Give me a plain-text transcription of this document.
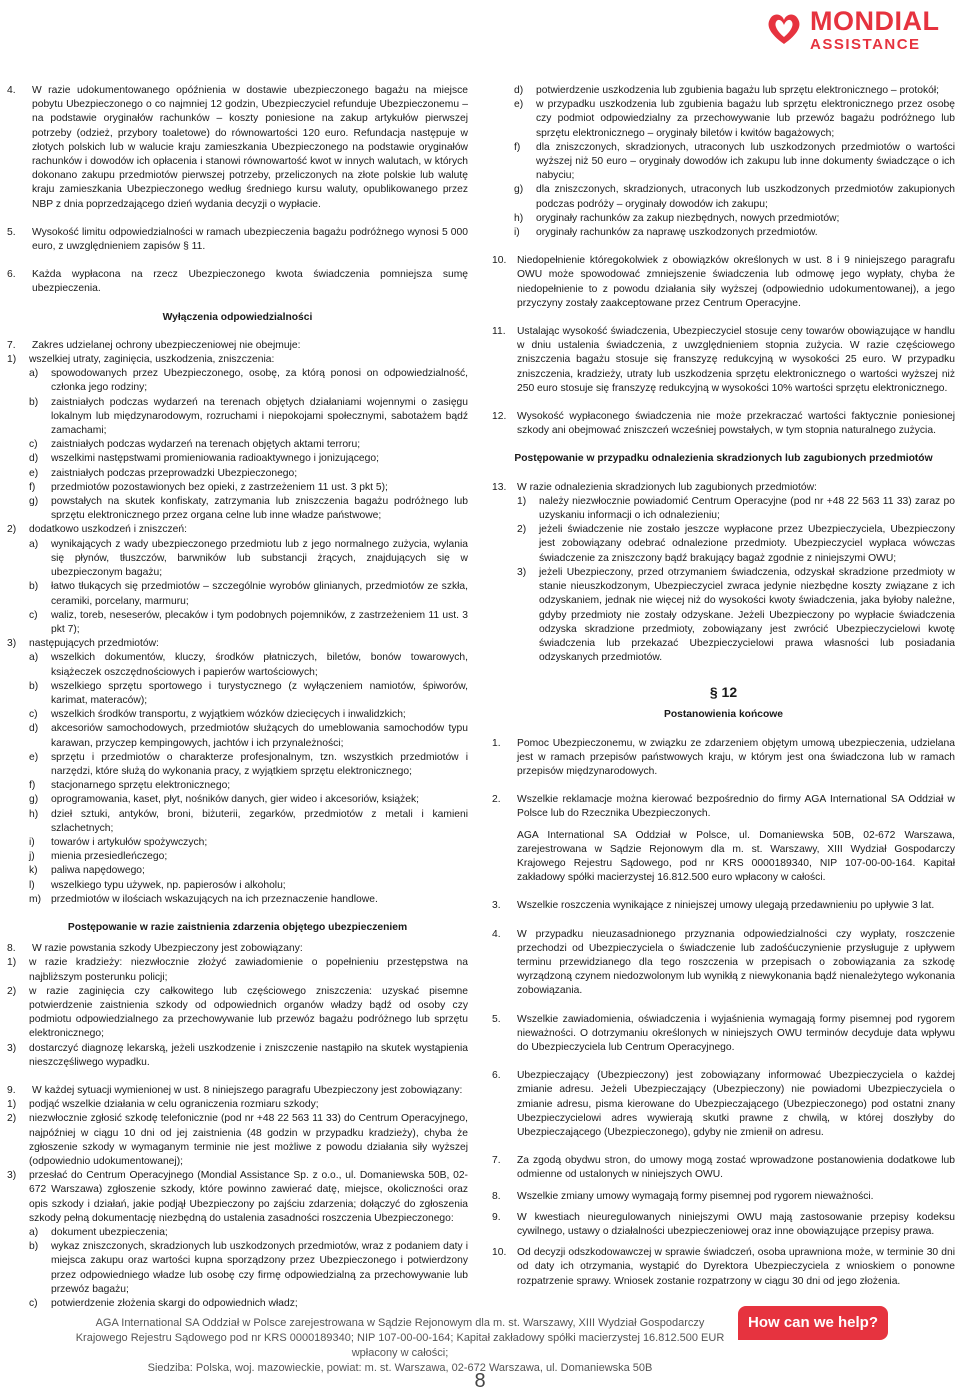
MONDIAL
ASSISTANCE
4. W razie udokumentowanego opóźnienia w dostawie ubezpieczonego bagażu na miejsce pobytu Ubezpieczonego o co najmniej 12 godzin, Ubezpieczyciel refunduje Ubezpieczonemu – na podstawie oryginałów rachunków – koszty poniesione na zakup artykułów pierwszej potrzeby (odzież, przybory toaletowe) do równowartości 120 euro. Refundacja następuje w złotych polskich lub w walucie kraju zamieszkania Ubezpieczonego na podstawie oryginałów rachunków i dowodów ich opłacenia i stanowi równowartość kwot w innych walutach, w których dokonano zakupu przedmiotów pierwszej potrzeby, przeliczonych na złote polskie lub walutę kraju zamieszkania Ubezpieczonego według średniego kursu waluty, opublikowanego przez NBP z dnia poprzedzającego dzień wydania decyzji o wypłacie.
5. Wysokość limitu odpowiedzialności w ramach ubezpieczenia bagażu podróżnego wynosi 5 000 euro, z uwzględnieniem zapisów § 11.
6. Każda wypłacona na rzecz Ubezpieczonego kwota świadczenia pomniejsza sumę ubezpieczenia.
Wyłączenia odpowiedzialności
7. Zakres udzielanej ochrony ubezpieczeniowej nie obejmuje:
1) wszelkiej utraty, zaginięcia, uszkodzenia, zniszczenia:
a) spowodowanych przez Ubezpieczonego, osobę, za którą ponosi on odpowiedzialność, członka jego rodziny;
b) zaistniałych podczas wydarzeń na terenach objętych działaniami wojennymi o zasięgu lokalnym lub międzynarodowym, rozruchami i niepokojami społecznymi, sabotażem bądź zamachami;
c) zaistniałych podczas wydarzeń na terenach objętych aktami terroru;
d) wszelkimi następstwami promieniowania radioaktywnego i jonizującego;
e) zaistniałych podczas przeprowadzki Ubezpieczonego;
f) przedmiotów pozostawionych bez opieki, z zastrzeżeniem 11 ust. 3 pkt 5);
g) powstałych na skutek konfiskaty, zatrzymania lub zniszczenia bagażu podróżnego lub sprzętu elektronicznego przez organa celne lub inne władze państwowe;
2) dodatkowo uszkodzeń i zniszczeń:
a) wynikających z wady ubezpieczonego przedmiotu lub z jego normalnego zużycia, wylania się płynów, tłuszczów, barwników lub substancji żrących, znajdujących się w ubezpieczonym bagażu;
b) łatwo tłukących się przedmiotów – szczególnie wyrobów glinianych, przedmiotów ze szkła, ceramiki, porcelany, marmuru;
c) waliz, toreb, neseserów, plecaków i tym podobnych pojemników, z zastrzeżeniem 11 ust. 3 pkt 7);
3) następujących przedmiotów:
a) wszelkich dokumentów, kluczy, środków płatniczych, biletów, bonów towarowych, książeczek oszczędnościowych i papierów wartościowych;
b) wszelkiego sprzętu sportowego i turystycznego (z wyłączeniem namiotów, śpiworów, karimat, materaców);
c) wszelkich środków transportu, z wyjątkiem wózków dziecięcych i inwalidzkich;
d) akcesoriów samochodowych, przedmiotów służących do umeblowania samochodów typu karawan, przyczep kempingowych, jachtów i ich przynależności;
e) sprzętu i przedmiotów o charakterze profesjonalnym, tzn. wszystkich przedmiotów i narzędzi, które służą do wykonania pracy, z wyjątkiem sprzętu elektronicznego;
f) stacjonarnego sprzętu elektronicznego;
g) oprogramowania, kaset, płyt, nośników danych, gier wideo i akcesoriów, książek;
h) dzieł sztuki, antyków, broni, biżuterii, zegarków, przedmiotów z metali i kamieni szlachetnych;
i) towarów i artykułów spożywczych;
j) mienia przesiedleńczego;
k) paliwa napędowego;
l) wszelkiego typu używek, np. papierosów i alkoholu;
m) przedmiotów w ilościach wskazujących na ich przeznaczenie handlowe.
Postępowanie w razie zaistnienia zdarzenia objętego ubezpieczeniem
8. W razie powstania szkody Ubezpieczony jest zobowiązany:
1) w razie kradzieży: niezwłocznie złożyć zawiadomienie o popełnieniu przestępstwa na najbliższym posterunku policji;
2) w razie zaginięcia czy całkowitego lub częściowego zniszczenia: uzyskać pisemne potwierdzenie zaistnienia szkody od odpowiednich organów władzy bądź od osoby czy podmiotu odpowiedzialnego za przechowywanie lub przewóz bagażu podróżnego lub sprzętu elektronicznego;
3) dostarczyć diagnozę lekarską, jeżeli uszkodzenie i zniszczenie nastąpiło na skutek wystąpienia nieszczęśliwego wypadku.
9. W każdej sytuacji wymienionej w ust. 8 niniejszego paragrafu Ubezpieczony jest zobowiązany:
1) podjąć wszelkie działania w celu ograniczenia rozmiaru szkody;
2) niezwłocznie zgłosić szkodę telefonicznie (pod nr +48 22 563 11 33) do Centrum Operacyjnego, najpóźniej w ciągu 10 dni od jej zaistnienia (48 godzin w przypadku kradzieży), chyba że zgłoszenie szkody w wymaganym terminie nie jest możliwe z powodu działania siły wyższej (odpowiednio udokumentowanej);
3) przesłać do Centrum Operacyjnego (Mondial Assistance Sp. z o.o., ul. Domaniewska 50B, 02-672 Warszawa) zgłoszenie szkody, które powinno zawierać datę, miejsce, okoliczności oraz opis szkody i działań, jakie podjął Ubezpieczony po zajściu zdarzenia; dołączyć do zgłoszenia szkody pełną dokumentację niezbędną do ustalenia zasadności roszczenia Ubezpieczonego:
a) dokument ubezpieczenia;
b) wykaz zniszczonych, skradzionych lub uszkodzonych przedmiotów, wraz z podaniem daty i miejsca zakupu oraz wartości kupna sporządzony przez Ubezpieczonego i potwierdzony przez odpowiedniego władze lub osobę czy firmę odpowiedzialną za przechowywanie lub przewóz bagażu;
c) potwierdzenie złożenia skargi do odpowiednich władz;
d) potwierdzenie uszkodzenia lub zgubienia bagażu lub sprzętu elektronicznego – protokół;
e) w przypadku uszkodzenia lub zgubienia bagażu lub sprzętu elektronicznego przez osobę czy podmiot odpowiedzialny za przechowywanie lub przewóz bagażu podróżnego lub sprzętu elektronicznego – oryginały biletów i kwitów bagażowych;
f) dla zniszczonych, skradzionych, utraconych lub uszkodzonych przedmiotów o wartości wyższej niż 50 euro – oryginały dowodów ich zakupu lub inne dokumenty świadczące o ich nabyciu;
g) dla zniszczonych, skradzionych, utraconych lub uszkodzonych przedmiotów zakupionych podczas podróży – oryginały dowodów ich zakupu;
h) oryginały rachunków za zakup niezbędnych, nowych przedmiotów;
i) oryginały rachunków za naprawę uszkodzonych przedmiotów.
10. Niedopełnienie któregokolwiek z obowiązków określonych w ust. 8 i 9 niniejszego paragrafu OWU może spowodować zmniejszenie świadczenia lub odmowę jego wypłaty, chyba że niedopełnienie to z powodu działania siły wyższej (odpowiednio udokumentowanej), a jego przyczyny zostały zaakceptowane przez Centrum Operacyjne.
11. Ustalając wysokość świadczenia, Ubezpieczyciel stosuje ceny towarów obowiązujące w handlu w dniu ustalenia świadczenia, z uwzględnieniem stopnia zużycia. W razie częściowego zniszczenia bagażu stosuje się franszyzę redukcyjną w wysokości 25 euro. W przypadku zniszczenia, kradzieży, utraty lub uszkodzenia sprzętu elektronicznego o wartości wyższej niż 250 euro stosuje się franszyzę redukcyjną w wysokości 10% wartości sprzętu elektronicznego.
12. Wysokość wypłaconego świadczenia nie może przekraczać wartości faktycznie poniesionej szkody ani obejmować zniszczeń wcześniej powstałych, w tym stopnia naturalnego zużycia.
Postępowanie w przypadku odnalezienia skradzionych lub zagubionych przedmiotów
13. W razie odnalezienia skradzionych lub zagubionych przedmiotów:
1) należy niezwłocznie powiadomić Centrum Operacyjne (pod nr +48 22 563 11 33) zaraz po uzyskaniu informacji o ich odnalezieniu;
2) jeżeli świadczenie nie zostało jeszcze wypłacone przez Ubezpieczyciela, Ubezpieczony jest zobowiązany odebrać odnalezione przedmioty. Ubezpieczyciel wypłaca wówczas świadczenie za zniszczony bądź brakujący bagaż zgodnie z niniejszymi OWU;
3) jeżeli Ubezpieczony, przed otrzymaniem świadczenia, odzyskał skradzione przedmioty w stanie nieuszkodzonym, Ubezpieczyciel zwraca jedynie niezbędne koszty związane z ich odzyskaniem, jednak nie więcej niż do wysokości kwoty świadczenia, jaka byłoby należne, gdyby przedmioty nie zostały odzyskane. Jeżeli Ubezpieczony po wypłacie świadczenia odzyska skradzione przedmioty, zobowiązany jest zwrócić Ubezpieczycielowi kwotę świadczenia lub przekazać Ubezpieczycielowi prawa własności lub posiadania odzyskanych przedmiotów.
§ 12
Postanowienia końcowe
1. Pomoc Ubezpieczonemu, w związku ze zdarzeniem objętym umową ubezpieczenia, udzielana jest w ramach przepisów państwowych kraju, w którym jest ona świadczona lub w ramach przepisów międzynarodowych.
2. Wszelkie reklamacje można kierować bezpośrednio do firmy AGA International SA Oddział w Polsce lub do Rzecznika Ubezpieczonych.
AGA International SA Oddział w Polsce, ul. Domaniewska 50B, 02-672 Warszawa, zarejestrowana w Sądzie Rejonowym dla m. st. Warszawy, XIII Wydział Gospodarczy Krajowego Rejestru Sądowego, pod nr KRS 0000189340, NIP 107-00-00-164. Kapitał zakładowy spółki macierzystej 16.812.500 euro wpłacony w całości.
3. Wszelkie roszczenia wynikające z niniejszej umowy ulegają przedawnieniu po upływie 3 lat.
4. W przypadku nieuzasadnionego przyznania odpowiedzialności czy wypłaty, roszczenie przechodzi od Ubezpieczyciela o świadczenie lub zadośćuczynienie przysługuje z upływem terminu przewidzianego dla tego roszczenia w przepisach o zobowiązania za szkodę wyrządzoną czynem niedozwolonym lub wynikłą z niewykonania bądź nienależytego wykonania zobowiązania.
5. Wszelkie zawiadomienia, oświadczenia i wyjaśnienia wymagają formy pisemnej pod rygorem nieważności. O dotrzymaniu określonych w niniejszych OWU terminów decyduje data wpływu do Ubezpieczyciela lub Centrum Operacyjnego.
6. Ubezpieczający (Ubezpieczony) jest zobowiązany informować Ubezpieczyciela o każdej zmianie adresu. Jeżeli Ubezpieczający (Ubezpieczony) nie powiadomi Ubezpieczyciela o zmianie adresu, pisma kierowane do Ubezpieczającego (Ubezpieczonego) pod ostatni znany Ubezpieczycielowi adres wywierają skutki prawne z chwilą, w której doszłyby do Ubezpieczającego (Ubezpieczonego), gdyby nie zmienił on adresu.
7. Za zgodą obydwu stron, do umowy mogą zostać wprowadzone postanowienia dodatkowe lub odmienne od ustalonych w niniejszych OWU.
8. Wszelkie zmiany umowy wymagają formy pisemnej pod rygorem nieważności.
9. W kwestiach nieuregulowanych niniejszymi OWU mają zastosowanie przepisy kodeksu cywilnego, ustawy o działalności ubezpieczeniowej oraz inne obowiązujące przepisy prawa.
10. Od decyzji odszkodowawczej w sprawie świadczeń, osoba uprawniona może, w terminie 30 dni od daty ich otrzymania, wystąpić do Dyrektora Ubezpieczyciela z wnioskiem o ponowne rozpatrzenie sprawy. Wniosek zostanie rozpatrzony w ciągu 30 dni od jego złożenia.
AGA International SA Oddział w Polsce zarejestrowana w Sądzie Rejonowym dla m. st. Warszawy, XIII Wydział Gospodarczy
Krajowego Rejestru Sądowego pod nr KRS 0000189340; NIP 107-00-00-164; Kapitał zakładowy spółki macierzystej 16.812.500 EUR wpłacony w całości;
Siedziba: Polska, woj. mazowieckie, powiat: m. st. Warszawa, 02-672 Warszawa, ul. Domaniewska 50B
How can we help?
8
